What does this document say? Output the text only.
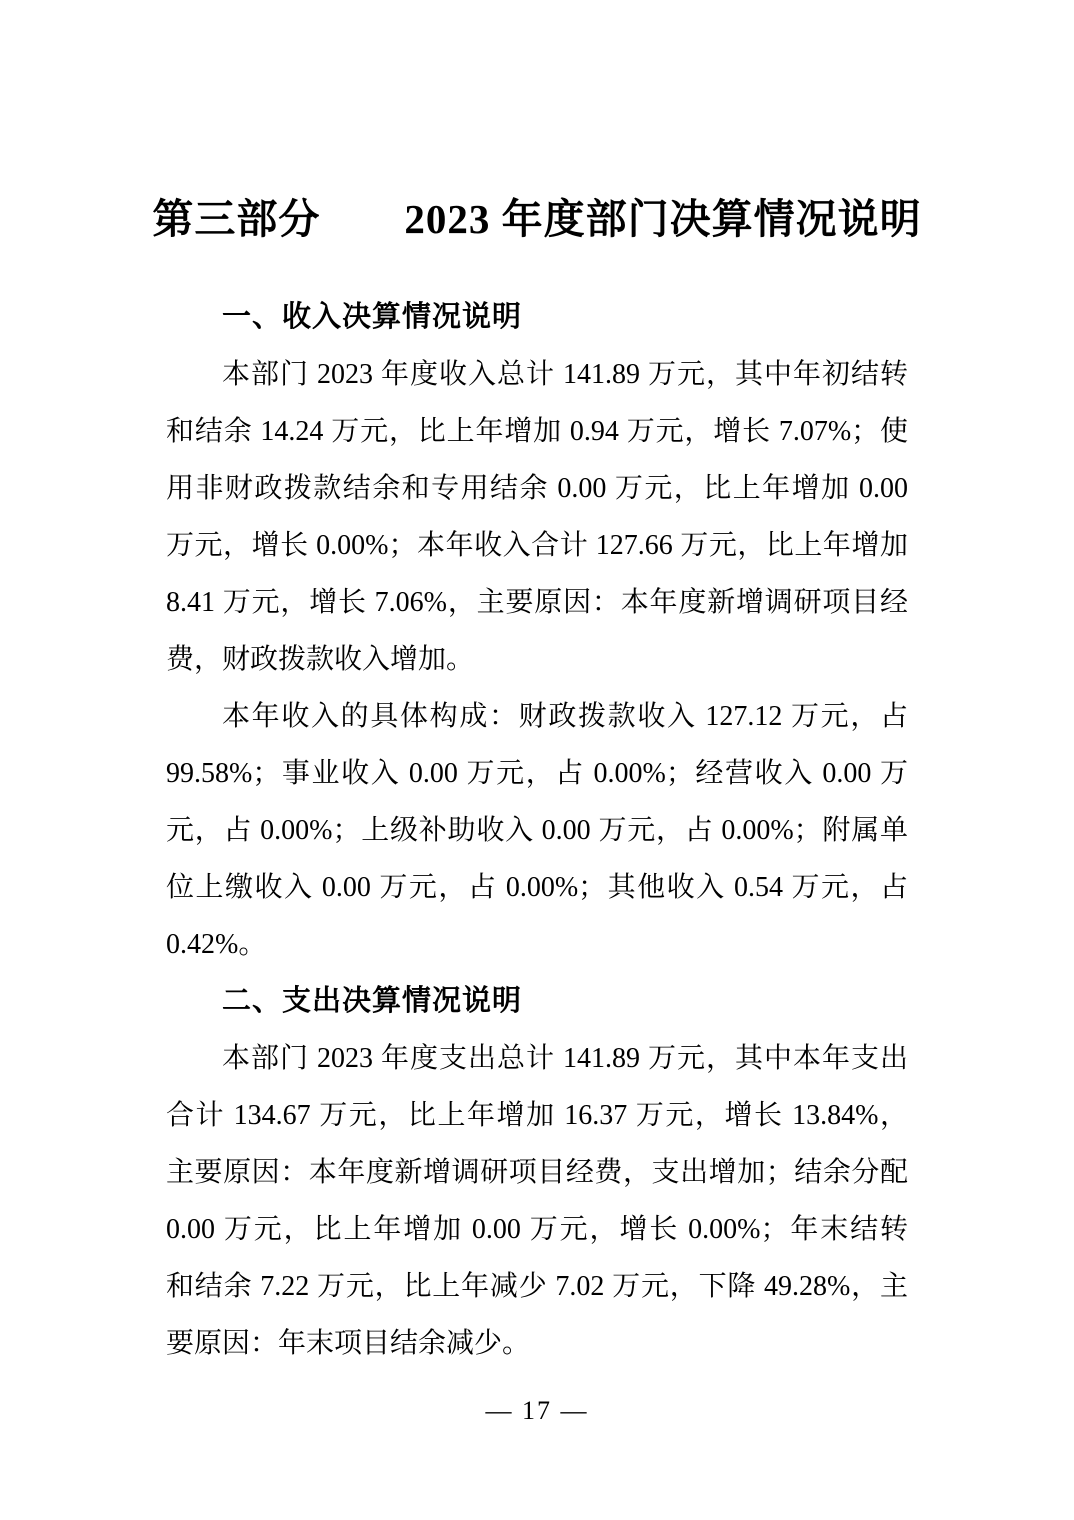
第三部分　　2023 年度部门决算情况说明
一、收入决算情况说明
本部门 2023 年度收入总计 141.89 万元，其中年初结转
和结余 14.24 万元，比上年增加 0.94 万元，增长 7.07%；使
用非财政拨款结余和专用结余 0.00 万元，比上年增加 0.00
万元，增长 0.00%；本年收入合计 127.66 万元，比上年增加
8.41 万元，增长 7.06%，主要原因：本年度新增调研项目经
费，财政拨款收入增加。
本年收入的具体构成：财政拨款收入 127.12 万元，占
99.58%；事业收入 0.00 万元，占 0.00%；经营收入 0.00 万
元，占 0.00%；上级补助收入 0.00 万元，占 0.00%；附属单
位上缴收入 0.00 万元，占 0.00%；其他收入 0.54 万元，占
0.42%。
二、支出决算情况说明
本部门 2023 年度支出总计 141.89 万元，其中本年支出
合计 134.67 万元，比上年增加 16.37 万元，增长 13.84%，
主要原因：本年度新增调研项目经费，支出增加；结余分配
0.00 万元，比上年增加 0.00 万元，增长 0.00%；年末结转
和结余 7.22 万元，比上年减少 7.02 万元，下降 49.28%，主
要原因：年末项目结余减少。
— 17 —
